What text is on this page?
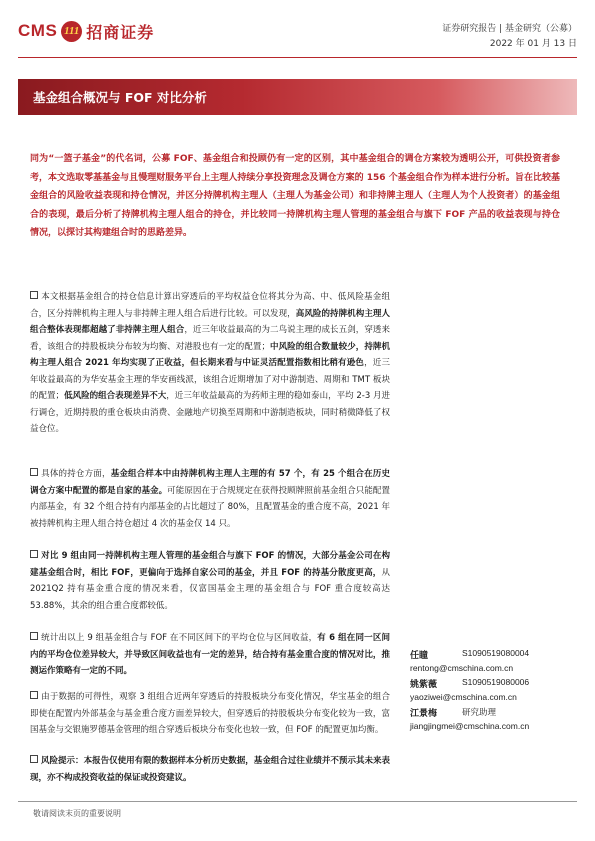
CMS 111 招商证券	证券研究报告 | 基金研究（公募）
2022 年 01 月 13 日
基金组合概况与 FOF 对比分析
同为“一篮子基金”的代名词，公募 FOF、基金组合和投顾仍有一定的区别，其中基金组合的调仓方案较为透明公开，可供投资者参考，本文选取零基基金与且慢理财服务平台上主理人持续分享投资理念及调仓方案的 156 个基金组合作为样本进行分析。旨在比较基金组合的风险收益表现和持仓情况，并区分持牌机构主理人（主理人为基金公司）和非持牌主理人（主理人为个人投资者）的基金组合的表现，最后分析了持牌机构主理人组合的持仓，并比较同一持牌机构主理人管理的基金组合与旗下 FOF 产品的收益表现与持仓情况，以探讨其构建组合时的思路差异。
本文根据基金组合的持仓信息计算出穿透后的平均权益仓位将其分为高、中、低风险基金组合，区分持牌机构主理人与非持牌主理人组合后进行比较。可以发现，高风险的持牌机构主理人组合整体表现都超越了非持牌主理人组合，近三年收益最高的为二鸟说主理的成长五剑，穿透来看，该组合的持股板块分布较为均衡、对港股也有一定的配置；中风险的组合数量较少，持牌机构主理人组合 2021 年均实现了正收益，但长期来看与中证灵活配置指数相比稍有逊色，近三年收益最高的为华安基金主理的华安画线派，该组合近期增加了对中游制造、周期和 TMT 板块的配置；低风险的组合表现差异不大，近三年收益最高的为药师主理的稳如泰山，平均 2-3 月进行调仓，近期持股的重仓板块由消费、金融地产切换至周期和中游制造板块，同时稍微降低了权益仓位。
具体的持仓方面，基金组合样本中由持牌机构主理人主理的有 57 个，有 25 个组合在历史调仓方案中配置的都是自家的基金。可能原因在于合规规定在获得投顾牌照前基金组合只能配置内部基金，有 32 个组合持有内部基金的占比超过了 80%，且配置基金的重合度不高，2021 年被持牌机构主理人组合持仓超过 4 次的基金仅 14 只。
对比 9 组由同一持牌机构主理人管理的基金组合与旗下 FOF 的情况，大部分基金公司在构建基金组合时，相比 FOF，更偏向于选择自家公司的基金，并且 FOF 的持基分散度更高，从 2021Q2 持有基金重合度的情况来看，仅富国基金主理的基金组合与 FOF 重合度较高达 53.88%，其余的组合重合度都较低。
统计出以上 9 组基金组合与 FOF 在不同区间下的平均仓位与区间收益，有 6 组在同一区间内的平均仓位差异较大，并导致区间收益也有一定的差异，结合持有基金重合度的情况对比，推测运作策略有一定的不同。
由于数据的可得性，观察 3 组组合近两年穿透后的持股板块分布变化情况，华宝基金的组合即使在配置内外部基金与基金重合度方面差异较大，但穿透后的持股板块分布变化较为一致，富国基金与交银施罗德基金管理的组合穿透后板块分布变化也较一致，但 FOF 的配置更加均衡。
风险提示：本报告仅使用有限的数据样本分析历史数据，基金组合过往业绩并不预示其未来表现，亦不构成投资收益的保证或投资建议。
任瞳	S1090519080004
rentong@cmschina.com.cn
姚紫薇	S1090519080006
yaoziwei@cmschina.com.cn
江景梅	研究助理
jiangjingmei@cmschina.com.cn
敬请阅读末页的重要说明
